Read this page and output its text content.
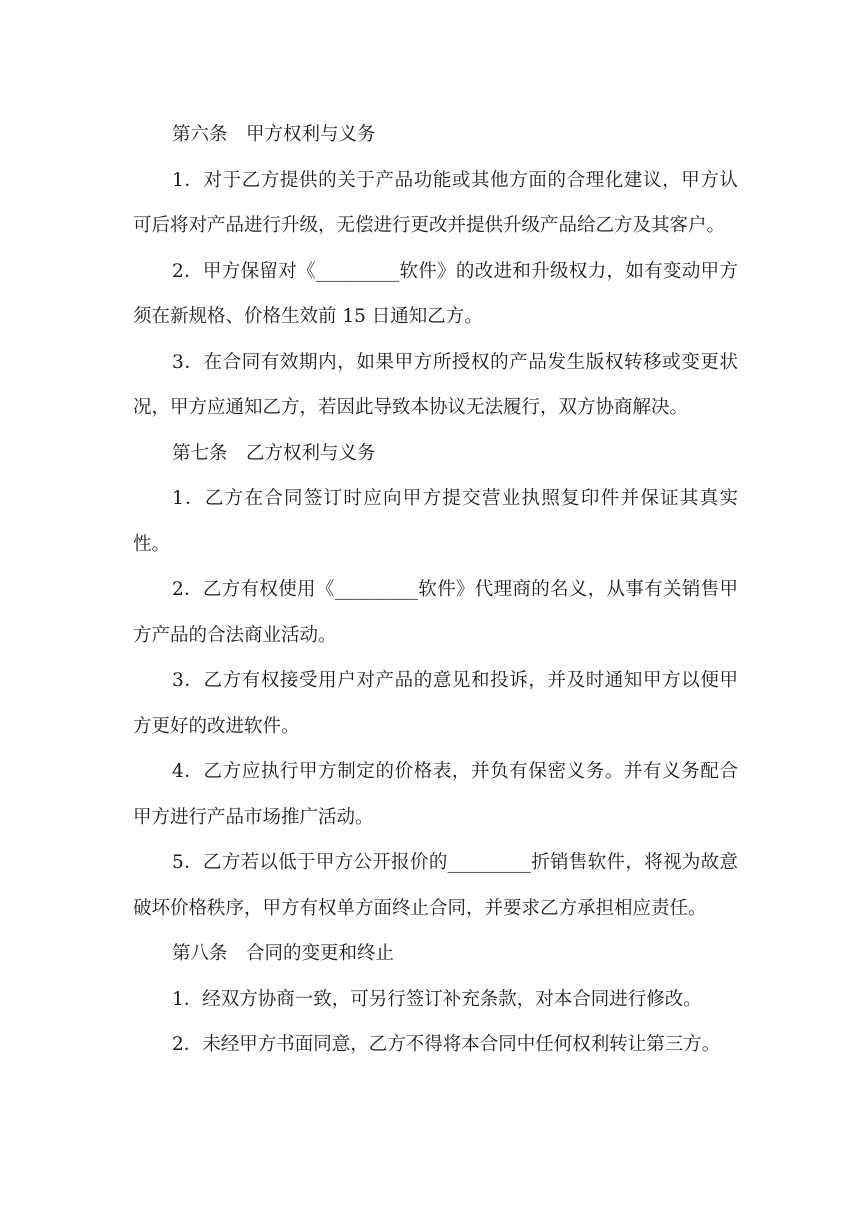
第六条　甲方权利与义务

1．对于乙方提供的关于产品功能或其他方面的合理化建议，甲方认可后将对产品进行升级，无偿进行更改并提供升级产品给乙方及其客户。

2．甲方保留对《_________软件》的改进和升级权力，如有变动甲方须在新规格、价格生效前 15 日通知乙方。

3．在合同有效期内，如果甲方所授权的产品发生版权转移或变更状况，甲方应通知乙方，若因此导致本协议无法履行，双方协商解决。

第七条　乙方权利与义务

1．乙方在合同签订时应向甲方提交营业执照复印件并保证其真实性。

2．乙方有权使用《_________软件》代理商的名义，从事有关销售甲方产品的合法商业活动。

3．乙方有权接受用户对产品的意见和投诉，并及时通知甲方以便甲方更好的改进软件。

4．乙方应执行甲方制定的价格表，并负有保密义务。并有义务配合甲方进行产品市场推广活动。

5．乙方若以低于甲方公开报价的_________折销售软件，将视为故意破坏价格秩序，甲方有权单方面终止合同，并要求乙方承担相应责任。

第八条　合同的变更和终止

1．经双方协商一致，可另行签订补充条款，对本合同进行修改。

2．未经甲方书面同意，乙方不得将本合同中任何权利转让第三方。
